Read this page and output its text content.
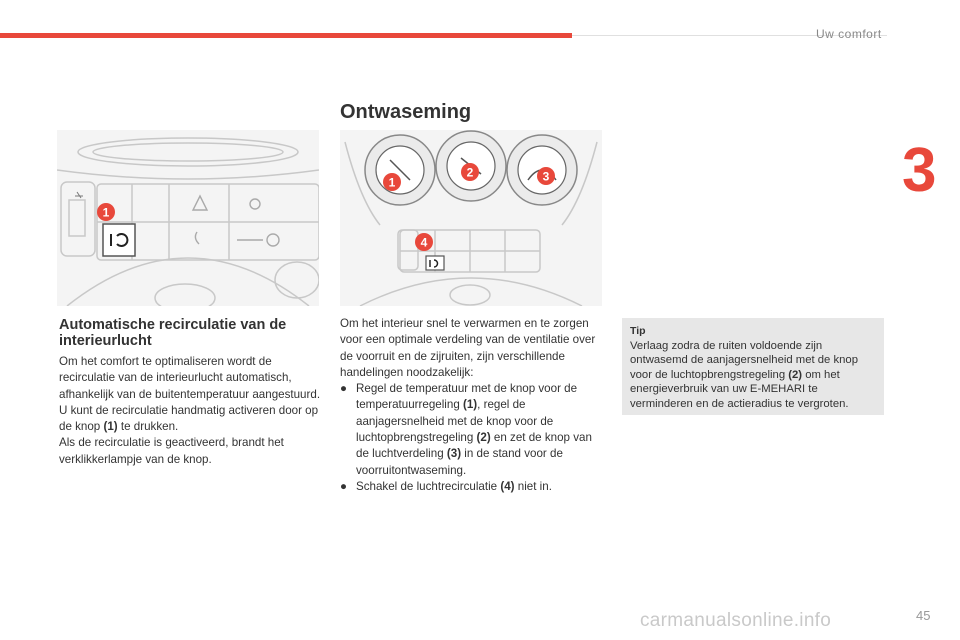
Uw comfort
3
Ontwaseming
1
1
2	3
4
Automatische recirculatie van de
interieurlucht

Om het comfort te optimaliseren wordt de recirculatie van de interieurlucht automatisch, afhankelijk van de buitentemperatuur aangestuurd.

U kunt de recirculatie handmatig activeren door op de knop (1) te drukken.

Als de recirculatie is geactiveerd, brandt het verklikkerlampje van de knop.

Om het interieur snel te verwarmen en te zorgen voor een optimale verdeling van de ventilatie over de voorruit en de zijruiten, zijn verschillende handelingen noodzakelijk:

● Regel de temperatuur met de knop voor de temperatuurregeling (1), regel de aanjagersnelheid met de knop voor de luchtopbrengstregeling (2) en zet de knop van de luchtverdeling (3) in de stand voor de voorruitontwaseming.
● Schakel de luchtrecirculatie (4) niet in.
Tip
Verlaag zodra de ruiten voldoende zijn ontwasemd de aanjagersnelheid met de knop voor de luchtopbrengstregeling (2) om het energieverbruik van uw E-MEHARI te verminderen en de actieradius te vergroten.
carmanualsonline.info	45
